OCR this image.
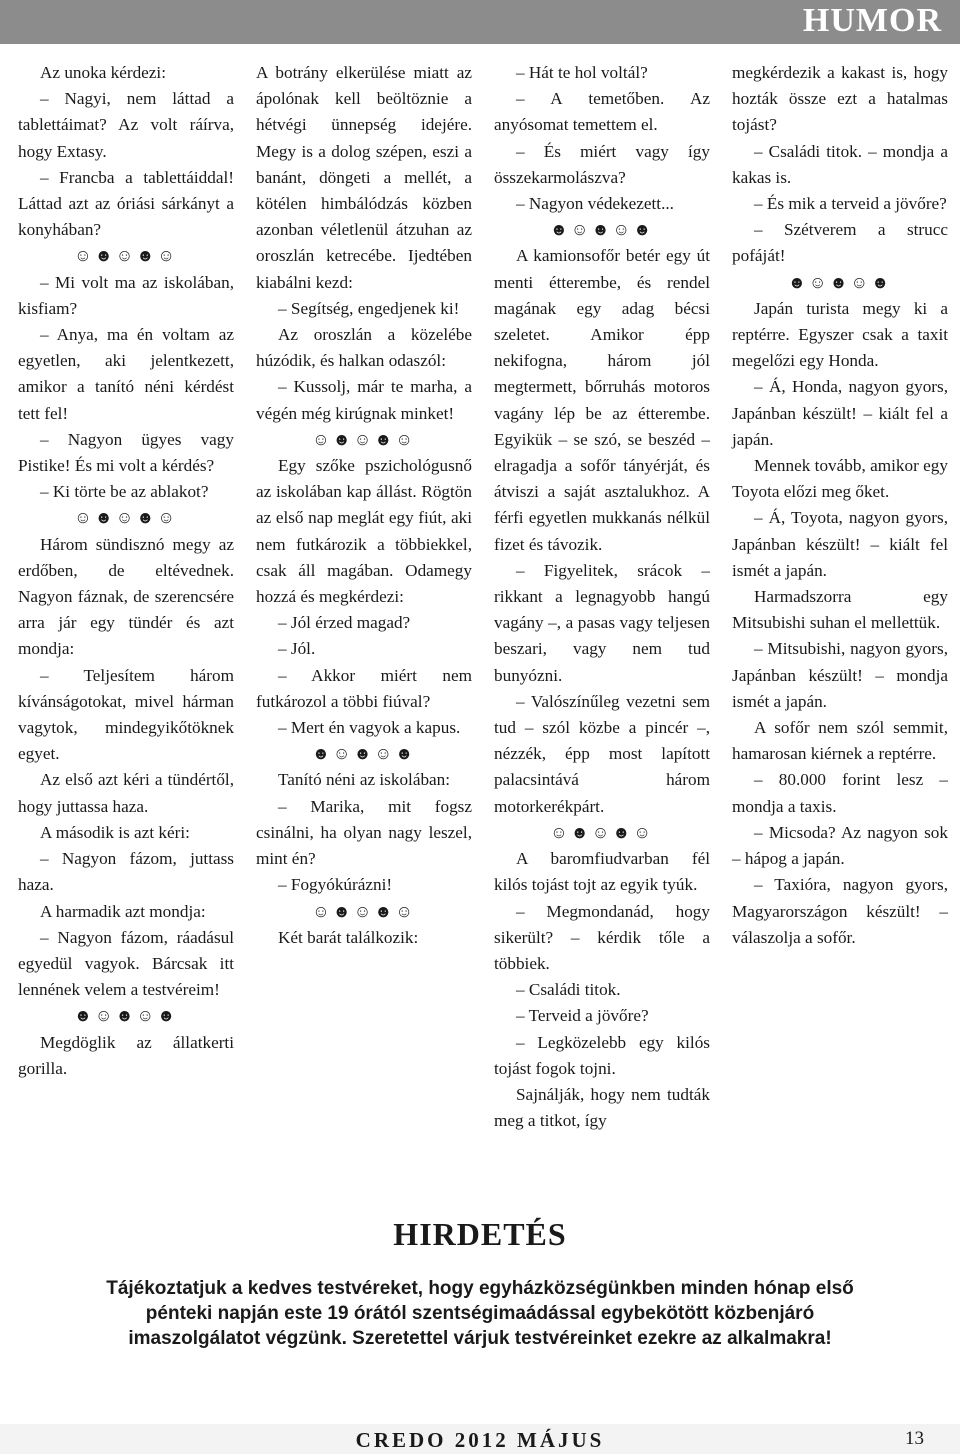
HUMOR

Az unoka kérdezi:

– Nagyi, nem láttad a tablettáimat? Az volt ráírva, hogy Extasy.

– Francba a tablettáiddal! Láttad azt az óriási sárkányt a konyhában?

☺☻☺☻☺

– Mi volt ma az iskolában, kisfiam?

– Anya, ma én voltam az egyetlen, aki jelentkezett, amikor a tanító néni kérdést tett fel!

– Nagyon ügyes vagy Pistike! És mi volt a kérdés?

– Ki törte be az ablakot?

☺☻☺☻☺

Három sündisznó megy az erdőben, de eltévednek. Nagyon fáznak, de szerencsére arra jár egy tündér és azt mondja:

– Teljesítem három kívánságotokat, mivel hárman vagytok, mindegyikőtöknek egyet.

Az első azt kéri a tündértől, hogy juttassa haza.

A második is azt kéri:

– Nagyon fázom, juttass haza.

A harmadik azt mondja:

– Nagyon fázom, ráadásul egyedül vagyok. Bárcsak itt lennének velem a testvéreim!

☻☺☻☺☻

Megdöglik az állatkerti gorilla.

A botrány elkerülése miatt az ápolónak kell beöltöznie a hétvégi ünnepség idejére. Megy is a dolog szépen, eszi a banánt, döngeti a mellét, a kötélen himbálódzás közben azonban véletlenül átzuhan az oroszlán ketrecébe. Ijedtében kiabálni kezd:

– Segítség, engedjenek ki!

Az oroszlán a közelébe húzódik, és halkan odaszól:

– Kussolj, már te marha, a végén még kirúgnak minket!

☺☻☺☻☺

Egy szőke pszichológusnő az iskolában kap állást. Rögtön az első nap meglát egy fiút, aki nem futkározik a többiekkel, csak áll magában. Odamegy hozzá és megkérdezi:

– Jól érzed magad?

– Jól.

– Akkor miért nem futkározol a többi fiúval?

– Mert én vagyok a kapus.

☻☺☻☺☻

Tanító néni az iskolában:

– Marika, mit fogsz csinálni, ha olyan nagy leszel, mint én?

– Fogyókúrázni!

☺☻☺☻☺

Két barát találkozik:

– Hát te hol voltál?

– A temetőben. Az anyósomat temettem el.

– És miért vagy így összekarmolászva?

– Nagyon védekezett...

☻☺☻☺☻

A kamionsofőr betér egy út menti étterembe, és rendel magának egy adag bécsi szeletet. Amikor épp nekifogna, három jól megtermett, bőrruhás motoros vagány lép be az étterembe. Egyikük – se szó, se beszéd – elragadja a sofőr tányérját, és átviszi a saját asztalukhoz. A férfi egyetlen mukkanás nélkül fizet és távozik.

– Figyelitek, srácok – rikkant a legnagyobb hangú vagány –, a pasas vagy teljesen beszari, vagy nem tud bunyózni.

– Valószínűleg vezetni sem tud – szól közbe a pincér –, nézzék, épp most lapított palacsintává három motorkerékpárt.

☺☻☺☻☺

A baromfiudvarban fél kilós tojást tojt az egyik tyúk.

– Megmondanád, hogy sikerült? – kérdik tőle a többiek.

– Családi titok.

– Terveid a jövőre?

– Legközelebb egy kilós tojást fogok tojni.

Sajnálják, hogy nem tudták meg a titkot, így

megkérdezik a kakast is, hogy hozták össze ezt a hatalmas tojást?

– Családi titok. – mondja a kakas is.

– És mik a terveid a jövőre?

– Szétverem a strucc pofáját!

☻☺☻☺☻

Japán turista megy ki a reptérre. Egyszer csak a taxit megelőzi egy Honda.

– Á, Honda, nagyon gyors, Japánban készült! – kiált fel a japán.

Mennek tovább, amikor egy Toyota előzi meg őket.

– Á, Toyota, nagyon gyors, Japánban készült! – kiált fel ismét a japán.

Harmadszorra egy Mitsubishi suhan el mellettük.

– Mitsubishi, nagyon gyors, Japánban készült! – mondja ismét a japán.

A sofőr nem szól semmit, hamarosan kiérnek a reptérre.

– 80.000 forint lesz – mondja a taxis.

– Micsoda? Az nagyon sok – hápog a japán.

– Taxióra, nagyon gyors, Magyarországon készült! – válaszolja a sofőr.

HIRDETÉS
Tájékoztatjuk a kedves testvéreket, hogy egyházközségünkben minden hónap első pénteki napján este 19 órától szentségimaádással egybekötött közbenjáró imaszolgálatot végzünk. Szeretettel várjuk testvéreinket ezekre az alkalmakra!
CREDO 2012 MÁJUS	13
